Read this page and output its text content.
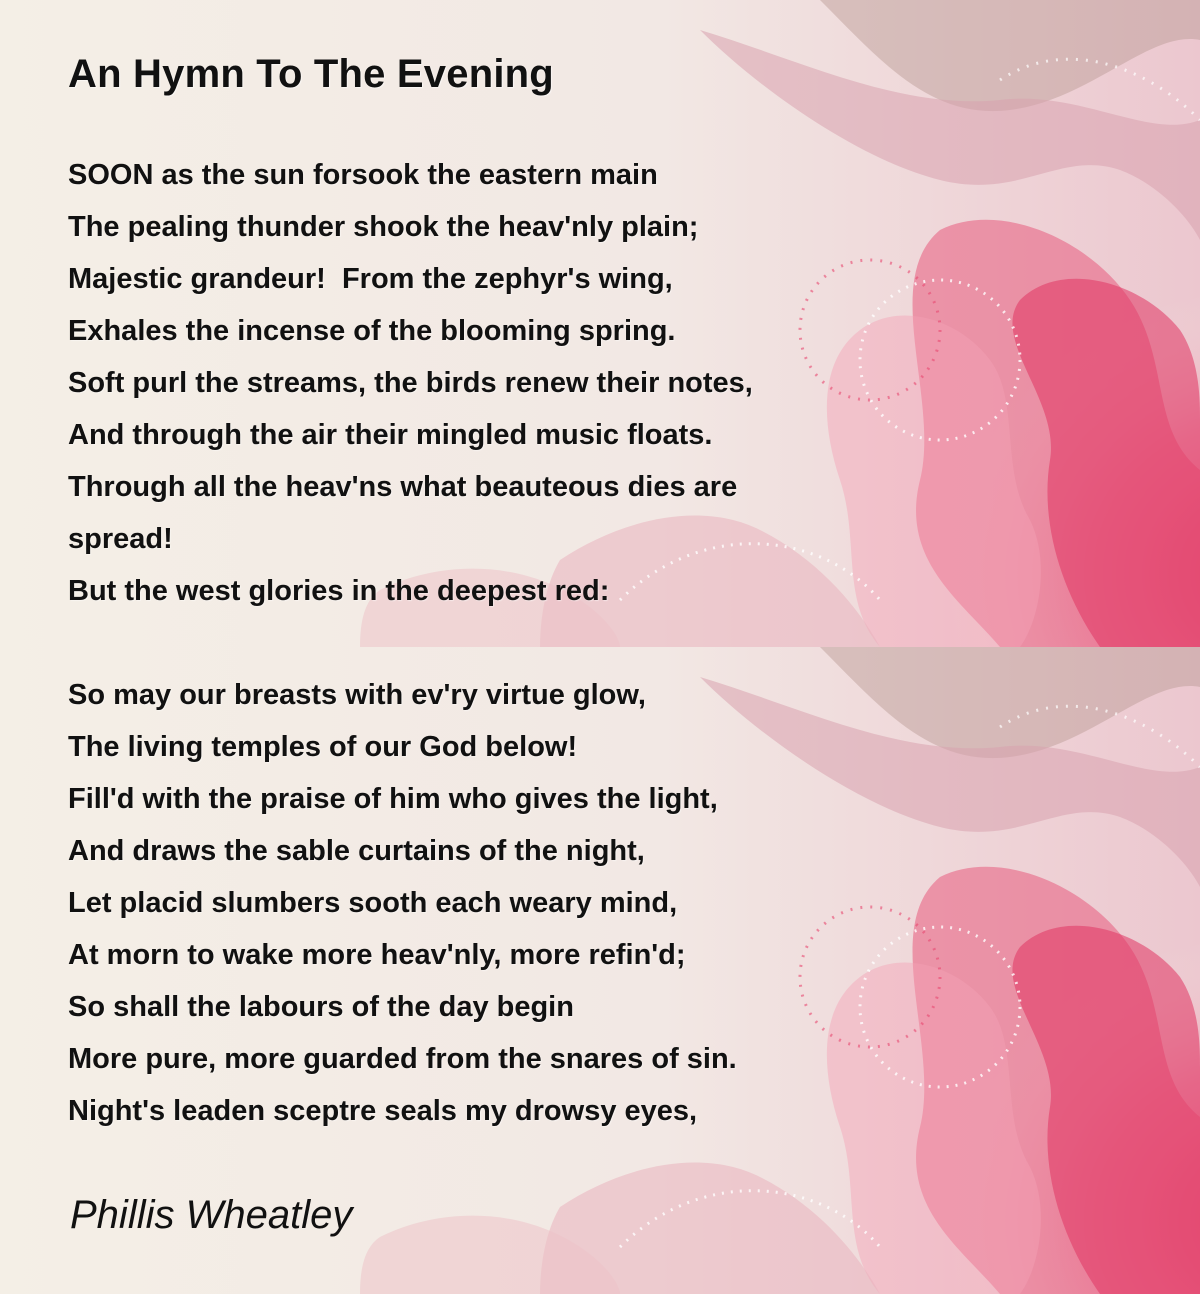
An Hymn To The Evening
SOON as the sun forsook the eastern main
The pealing thunder shook the heav'nly plain;
Majestic grandeur!  From the zephyr's wing,
Exhales the incense of the blooming spring.
Soft purl the streams, the birds renew their notes,
And through the air their mingled music floats.
Through all the heav'ns what beauteous dies are
spread!
But the west glories in the deepest red:
So may our breasts with ev'ry virtue glow,
The living temples of our God below!
Fill'd with the praise of him who gives the light,
And draws the sable curtains of the night,
Let placid slumbers sooth each weary mind,
At morn to wake more heav'nly, more refin'd;
So shall the labours of the day begin
More pure, more guarded from the snares of sin.
Night's leaden sceptre seals my drowsy eyes,

Phillis Wheatley
